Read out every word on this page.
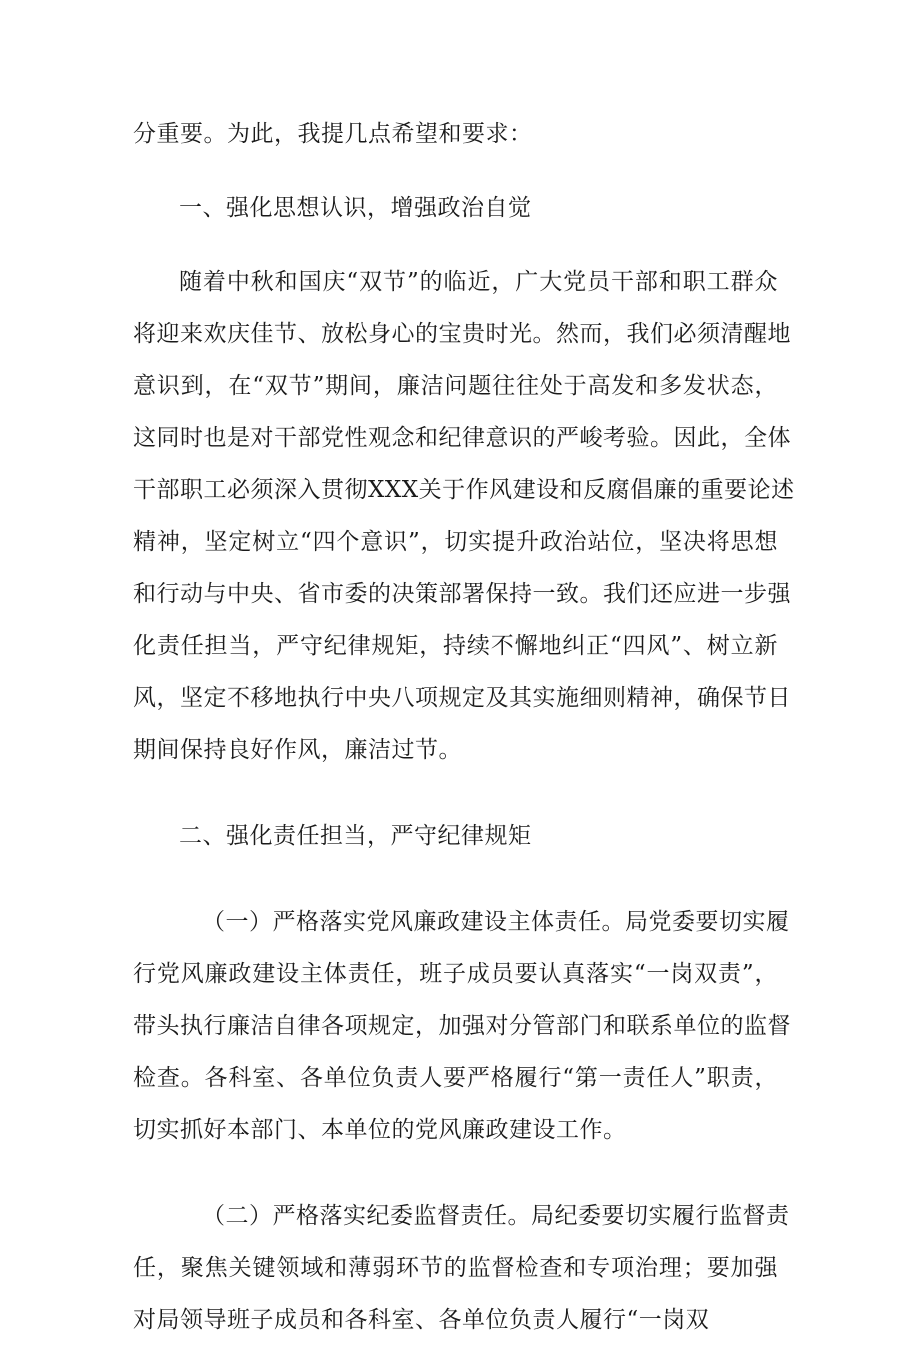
分重要。为此，我提几点希望和要求：
一、强化思想认识，增强政治自觉
随着中秋和国庆“双节”的临近，广大党员干部和职工群众
将迎来欢庆佳节、放松身心的宝贵时光。然而，我们必须清醒地
意识到，在“双节”期间，廉洁问题往往处于高发和多发状态，
这同时也是对干部党性观念和纪律意识的严峻考验。因此，全体
干部职工必须深入贯彻XXX关于作风建设和反腐倡廉的重要论述
精神，坚定树立“四个意识”，切实提升政治站位，坚决将思想
和行动与中央、省市委的决策部署保持一致。我们还应进一步强
化责任担当，严守纪律规矩，持续不懈地纠正“四风”、树立新
风，坚定不移地执行中央八项规定及其实施细则精神，确保节日
期间保持良好作风，廉洁过节。
二、强化责任担当，严守纪律规矩
（一）严格落实党风廉政建设主体责任。局党委要切实履
行党风廉政建设主体责任，班子成员要认真落实“一岗双责”，
带头执行廉洁自律各项规定，加强对分管部门和联系单位的监督
检查。各科室、各单位负责人要严格履行“第一责任人”职责，
切实抓好本部门、本单位的党风廉政建设工作。
（二）严格落实纪委监督责任。局纪委要切实履行监督责
任，聚焦关键领域和薄弱环节的监督检查和专项治理；要加强
对局领导班子成员和各科室、各单位负责人履行“一岗双
